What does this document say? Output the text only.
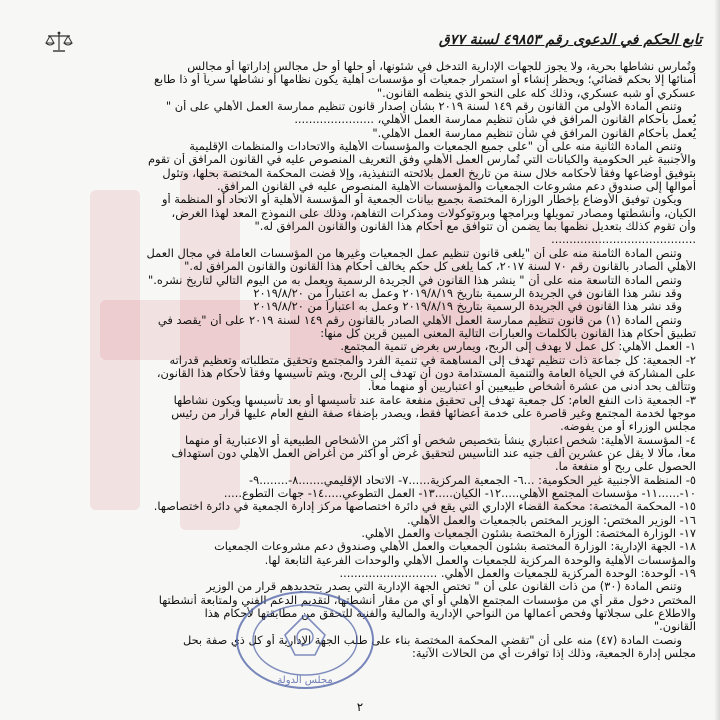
تابع الحكم في الدعوى رقم ٤٩٨٥٣ لسنة ٧٧ق
وتُمارس نشاطها بحرية، ولا يجوز للجهات الإدارية التدخل في شئونها، أو حلها أو حل مجالس إداراتها أو مجالس
أمنائها إلا بحكم قضائي؛ ويحظر إنشاء أو استمرار جمعيات أو مؤسسات أهلية يكون نظامها أو نشاطها سرياً أو ذا طابع
عسكري أو شبه عسكري، وذلك كله على النحو الذي ينظمه القانون."
وتنص المادة الأولى من القانون رقم ١٤٩ لسنة ٢٠١٩ بشأن إصدار قانون تنظيم ممارسة العمل الأهلي على أن "
يُعمل بأحكام القانون المرافق في شأن تنظيم ممارسة العمل الأهلي، ......................
يُعمل بأحكام القانون المرافق في شأن تنظيم ممارسة العمل الأهلي."
وتنص المادة الثانية منه على أن "على جميع الجمعيات والمؤسسات الأهلية والاتحادات والمنظمات الإقليمية
والأجنبية غير الحكومية والكيانات التي تُمارس العمل الأهلي وفق التعريف المنصوص عليه في القانون المرافق أن تقوم
بتوفيق أوضاعها وفقاً لأحكامه خلال سنة من تاريخ العمل بلائحته التنفيذية، وإلا قضت المحكمة المختصة بحلها، وتئول
أموالها إلى صندوق دعم مشروعات الجمعيات والمؤسسات الأهلية المنصوص عليه في القانون المرافق.
ويكون توفيق الأوضاع بإخطار الوزارة المختصة بجميع بيانات الجمعية أو المؤسسة الأهلية أو الاتحاد أو المنظمة أو
الكيان، وأنشطتها ومصادر تمويلها وبرامجها وبروتوكولات ومذكرات التفاهم، وذلك على النموذج المعد لهذا الغرض،
وأن تقوم كذلك بتعديل نظمها بما يضمن أن تتوافق مع أحكام هذا القانون والقانون المرافق له."
........................................
وتنص المادة الثامنة منه على أن "يلغى قانون تنظيم عمل الجمعيات وغيرها من المؤسسات العاملة في مجال العمل
الأهلي الصادر بالقانون رقم ٧٠ لسنة ٢٠١٧، كما يلغى كل حكم يخالف أحكام هذا القانون والقانون المرافق له."
وتنص المادة التاسعة منه على أن " ينشر هذا القانون في الجريدة الرسمية ويعمل به من اليوم التالي لتاريخ نشره."
وقد نشر هذا القانون في الجريدة الرسمية بتاريخ ٢٠١٩/٨/١٩ وعمل به اعتباراً من ٢٠١٩/٨/٢٠
وقد نشر هذا القانون في الجريدة الرسمية بتاريخ ٢٠١٩/٨/١٩ وعمل به اعتباراً من ٢٠١٩/٨/٢٠
وتنص المادة (١) من قانون تنظيم ممارسة العمل الأهلي الصادر بالقانون رقم ١٤٩ لسنة ٢٠١٩ على أن "يقصد في
تطبيق أحكام هذا القانون بالكلمات والعبارات التالية المعنى المبين قرين كل منها:
١- العمل الأهلي: كل عمل لا يهدف إلى الربح، ويمارس بغرض تنمية المجتمع.
٢- الجمعية: كل جماعة ذات تنظيم تهدف إلى المساهمة في تنمية الفرد والمجتمع وتحقيق متطلباته وتعظيم قدراته
على المشاركة في الحياة العامة والتنمية المستدامة دون أن تهدف إلى الربح، ويتم تأسيسها وفقاً لأحكام هذا القانون،
وتتألف بحد أدنى من عشرة أشخاص طبيعيين أو اعتباريين أو منهما معاً.
٣- الجمعية ذات النفع العام: كل جمعية تهدف إلى تحقيق منفعة عامة عند تأسيسها أو بعد تأسيسها ويكون نشاطها
موجها لخدمة المجتمع وغير قاصرة على خدمة أعضائها فقط، ويصدر بإضفاء صفة النفع العام عليها قرار من رئيس
مجلس الوزراء أو من يفوضه.
٤- المؤسسة الأهلية: شخص اعتباري ينشأ بتخصيص شخص أو أكثر من الأشخاص الطبيعية أو الاعتبارية أو منهما
معاً، مالا لا يقل عن عشرين ألف جنيه عند التأسيس لتحقيق غرض أو أكثر من أغراض العمل الأهلي دون استهداف
الحصول على ربح أو منفعة ما.
٥- المنظمة الأجنبية غير الحكومية: ...٦- الجمعية المركزية......٧- الاتحاد الإقليمي.......٨-........٩-
١٠-......١١- مؤسسات المجتمع الأهلي.....١٢- الكيان.....١٣- العمل التطوعي.....١٤- جهات التطوع.....
١٥- المحكمة المختصة: محكمة القضاء الإداري التي يقع في دائرة اختصاصها مركز إدارة الجمعية في دائرة اختصاصها.
١٦- الوزير المختص: الوزير المختص بالجمعيات والعمل الأهلي.
١٧- الوزارة المختصة: الوزارة المختصة بشئون الجمعيات والعمل الأهلي.
١٨- الجهة الإدارية: الوزارة المختصة بشئون الجمعيات والعمل الأهلي وصندوق دعم مشروعات الجمعيات
والمؤسسات الأهلية والوحدة المركزية للجمعيات والعمل الأهلي والوحدات الفرعية التابعة لها.
١٩- الوحدة: الوحدة المركزية للجمعيات والعمل الأهلي. ...........................
وتنص المادة (٣٠) من ذات القانون على أن " تختص الجهة الإدارية التي يصدر بتحديدهم قرار من الوزير
المختص دخول مقر أي من مؤسسات المجتمع الأهلي أو أي من مقار أنشطتها، لتقديم الدعم الفني ولمتابعة أنشطتها
والاطلاع على سجلاتها وفحص أعمالها من النواحي الإدارية والمالية والفنية للتحقق من مطابقتها لأحكام هذا
القانون."
ونصت المادة (٤٧) منه على أن "تقضي المحكمة المختصة بناء على طلب الجهة الإدارية أو كل ذي صفة بحل
مجلس إدارة الجمعية، وذلك إذا توافرت أي من الحالات الآتية:
مجلس الدولة
٢
